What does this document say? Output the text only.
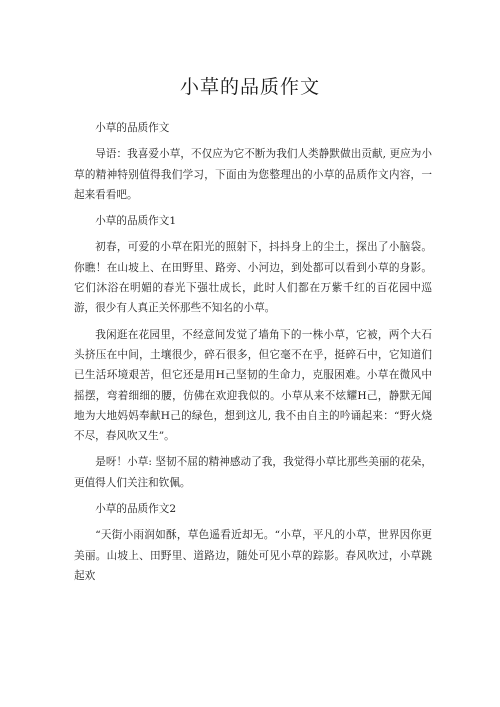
小草的品质作文

小草的品质作文

导语：我喜爱小草，不仅应为它不断为我们人类静默做出贡献, 更应为小草的精神特别值得我们学习，下面由为您整理出的小草的品质作文内容，一起来看看吧。

小草的品质作文1

初春，可爱的小草在阳光的照射下，抖抖身上的尘土，探出了小脑袋。你瞧！在山坡上、在田野里、路旁、小河边，到处都可以看到小草的身影。它们沐浴在明媚的春光下强壮成长，此时人们都在万紫千红的百花园中巡游，很少有人真正关怀那些不知名的小草。

我闲逛在花园里，不经意间发觉了墙角下的一株小草，它被，两个大石头挤压在中间，土壤很少，碎石很多，但它毫不在乎，挺碎石中，它知道们已生活环境艰苦，但它还是用H己坚韧的生命力，克服困难。小草在微风中摇摆，弯着细细的腰，仿佛在欢迎我似的。小草从来不炫耀H己，静默无闻地为大地妈妈奉献H己的绿色，想到这儿, 我不由自主的吟诵起来：“野火烧不尽，春风吹又生”。

是呀！小草: 坚韧不屈的精神感动了我，我觉得小草比那些美丽的花朵，更值得人们关注和钦佩。

小草的品质作文2

“天街小雨润如酥，草色遥看近却无。“小草，平凡的小草，世界因你更美丽。山坡上、田野里、道路边，随处可见小草的踪影。春风吹过，小草跳起欢
